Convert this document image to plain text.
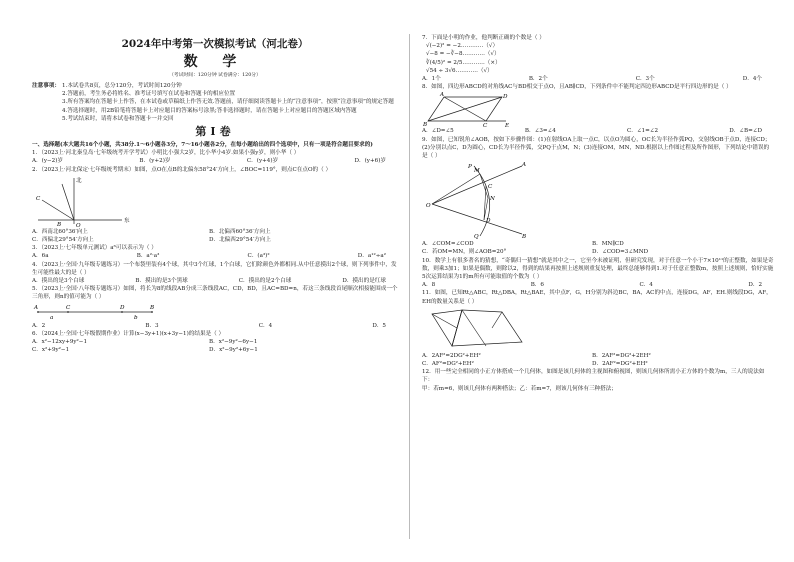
2024年中考第一次模拟考试（河北卷）
数 学
（考试时间：120分钟 试卷满分：120分）
注意事项： 1.本试卷共8页，总分120分，考试时间120分钟
2.答题前，考生务必将姓名、准考证号填写在试卷和答题卡的相应位置
3.所有答案均在答题卡上作答，在本试卷或草稿纸上作答无效.答题前，请仔细阅读答题卡上的“注意事项”，按照“注意事项”的规定答题
4.答选择题时，用2B铅笔将答题卡上对应题目的答案标号涂黑;答非选择题时，请在答题卡上对应题目的答题区域内答题
5.考试结束时，请将本试卷和答题卡一并交回
第Ⅰ卷
一、选择题(本大题共16个小题，共38分.1～6小题各3分，7～16小题各2分，在每小题给出的四个选项中，只有一项是符合题目要求的)
1．（2023上·河北秦皇岛·七年级统考开学考试）小明比小强大2岁，比小华小4岁.如果小强y岁，则小华（ ）
A．(y−2)岁	B．(y+2)岁	C．(y+4)岁	D．(y+6)岁
2．（2023上·河北保定·七年级统考期末）如图，点O在点B的北偏东58°24′方向上，∠BOC=119°，则点C在点O的（ ）
北
东
C
B	O
A．西南北60°36′向上	B．北偏西60°36′方向上
C．西偏北29°54′方向上	D．北偏西29°54′方向上
3．（2023上·七年级单元测试）a⁶可以表示为（ ）
A．6a	B．a²·a³	C．(a³)²	D．a¹²÷a²
4．（2023上·全国·九年级专题练习）一个布袋里装有4个球，其中3个红球，1个白球，它们除颜色外都相同.从中任意摸出2个球，则下列事件中，发生可能性最大的是（ ）
A．摸出的是3个白球	B．摸出的是3个黑球	C．摸出的是2个白球	D．摸出的是红球
5．（2023上·全国·八年级专题练习）如图，将长为8的线段AB分成三条线段AC，CD，BD，且AC=BD=n，若这三条线段首尾顺次相接能围成一个三角形，则n的值可能为（ ）
A	C	D	B
a	b
A．2	B．3	C．4	D．5
6．（2024上·全国·七年级假期作业）计算(x−3y+1)(x+3y−1)的结果是（ ）
A．x²−12xy+9y²−1	B．x²−9y²−6y−1
C．x²+9y²−1	D．x²−9y²+6y−1
7．下面是小明的作业，他判断正确的个数是（ ）
√(−2)² = −2…………（√）
√−8 = −∛−8…………（√）
∛(4/5)² = 2/5…………（×）
√54 ÷ 3√6…………（√）
A．1个	B．2个	C．3个	D．4个
8．如图，四边形ABCD的对角线AC与BD相交于点O，且AB∥CD，下列条件中不能判定四边形ABCD是平行四边形的是（ ）
A	D
B	C	E
A．∠D=∠5	B．∠3=∠4	C．∠1=∠2	D．∠B=∠D
9．如图，已知锐角∠AOB，按如下步骤作图：(1)在射线OA上取一点C，以点O为圆心，OC长为半径作弧PQ，交射线OB于点D，连接CD；(2)分别以点C，D为圆心，CD长为半径作弧，交PQ于点M，N；(3)连接OM，MN，ND.根据以上作图过程及所作图形，下列结论中错误的是（ ）
A
M
C
N
O
D
B
P
Q
A．∠COM=∠COD	B．MN∥CD
C．若OM=MN，则∠AOB=20°	D．∠COD=3∠MND
10．数学上有很多著名的猜想，“奇偶归一猜想”就是其中之一，它至今未被证明，但研究发现，对于任意一个小于7×10¹¹的正整数，如果是奇数，则乘3加1；如果是偶数，则除以2，得到的结果再按照上述规则重复处理，最终总能够得到1.对于任意正整数m，按照上述规则，恰好实施5次运算结果为1的m所有可能取值的个数为（ ）
A．8	B．6	C．4	D．2
11．如图，已知Rt△ABC，Rt△DBA，Rt△BAE，其中点F，G，H分别为斜边BC，BA，AC的中点，连接DG，AF，EH.则线段DG，AF，EH的数量关系是（ ）
A．2AF²=2DG²+EH²	B．2AF²=DG²+2EH²
C．AF²=DG²+EH²	D．2AF²=DG²+EH²
12．用一些完全相同的小正方体搭成一个几何体，如图是该几何体的主视图和俯视图，则该几何体所需小正方体的个数为m，三人的说法如下：
甲：若m=6，则该几何体有两种搭法；乙：若m=7，则该几何体有三种搭法；
